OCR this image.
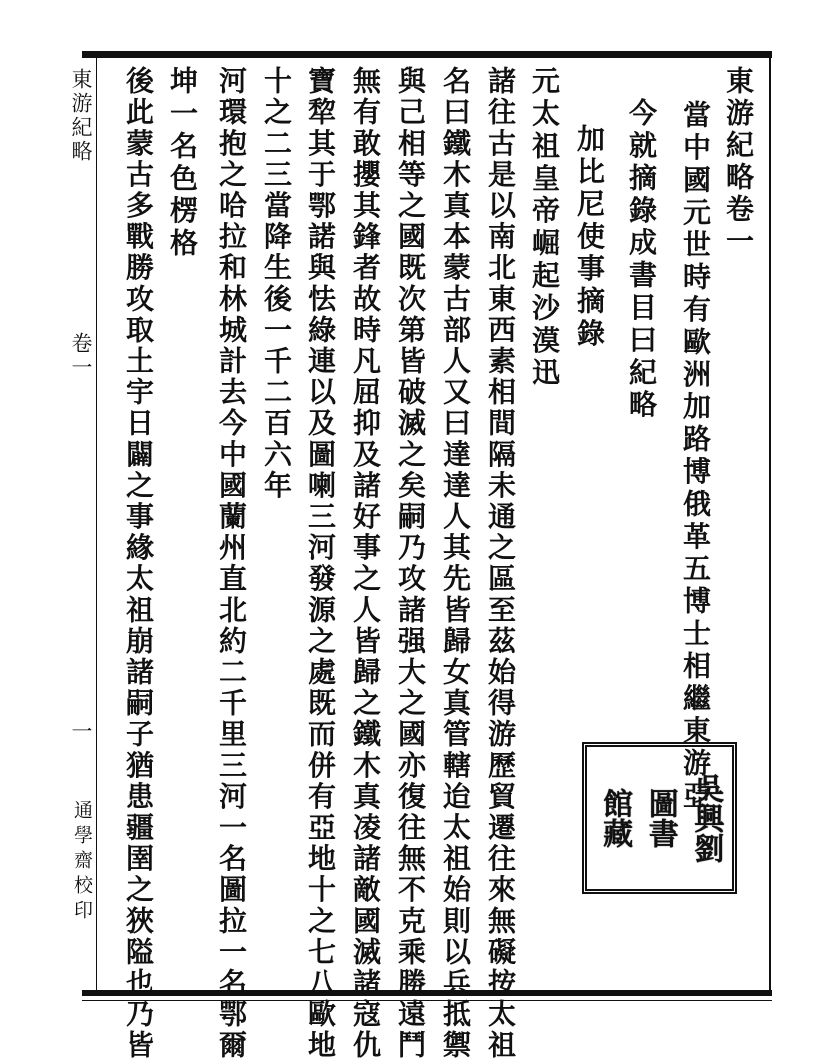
東游紀略
卷一
一
通學齋校印
東游紀略卷一
當中國元世時有歐洲加路博俄革五博士相繼東游亞
今就摘錄成書目曰紀略
加比尼使事摘錄
元太祖皇帝崛起沙漠迅
諸往古是以南北東西素相間隔未通之區至茲始得游歷貿遷往來無礙按太祖
名曰鐵木真本蒙古部人又曰達達人其先皆歸女真管轄迨太祖始則以兵抵禦
與己相等之國既次第皆破滅之矣嗣乃攻諸强大之國亦復往無不克乘勝遠鬥
無有敢攖其鋒者故時凡屈抑及諸好事之人皆歸之鐵木真凌諸敵國滅諸寇仇
寶犂其于鄂諾與怯綠連以及圖喇三河發源之處既而併有亞地十之七八歐地
十之二三當降生後一千二百六年
河環抱之哈拉和林城計去今中國蘭州直北約二千里三河一名圖拉一名鄂爾
坤一名色楞格
後此蒙古多戰勝攻取土宇日闢之事緣太祖崩諸嗣子猶患疆圉之狹隘也乃皆	吳興劉
圖書
館藏
